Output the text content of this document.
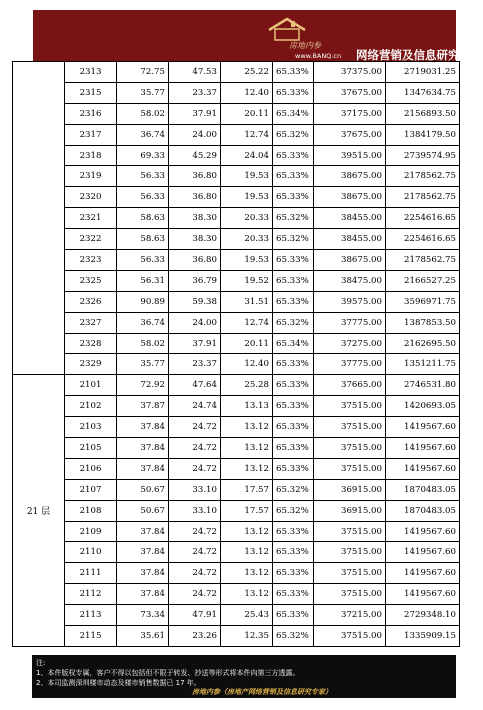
房地内参
www.BANQ.cn 网络营销及信息研究专家
	2313	72.75	47.53	25.22	65.33%	37375.00	2719031.25
	2315	35.77	23.37	12.40	65.33%	37675.00	1347634.75
	2316	58.02	37.91	20.11	65.34%	37175.00	2156893.50
	2317	36.74	24.00	12.74	65.32%	37675.00	1384179.50
	2318	69.33	45.29	24.04	65.33%	39515.00	2739574.95
	2319	56.33	36.80	19.53	65.33%	38675.00	2178562.75
	2320	56.33	36.80	19.53	65.33%	38675.00	2178562.75
	2321	58.63	38.30	20.33	65.32%	38455.00	2254616.65
	2322	58.63	38.30	20.33	65.32%	38455.00	2254616.65
	2323	56.33	36.80	19.53	65.33%	38675.00	2178562.75
	2325	56.31	36.79	19.52	65.33%	38475.00	2166527.25
	2326	90.89	59.38	31.51	65.33%	39575.00	3596971.75
	2327	36.74	24.00	12.74	65.32%	37775.00	1387853.50
	2328	58.02	37.91	20.11	65.34%	37275.00	2162695.50
	2329	35.77	23.37	12.40	65.33%	37775.00	1351211.75
21 层	2101	72.92	47.64	25.28	65.33%	37665.00	2746531.80
	2102	37.87	24.74	13.13	65.33%	37515.00	1420693.05
	2103	37.84	24.72	13.12	65.33%	37515.00	1419567.60
	2105	37.84	24.72	13.12	65.33%	37515.00	1419567.60
	2106	37.84	24.72	13.12	65.33%	37515.00	1419567.60
	2107	50.67	33.10	17.57	65.32%	36915.00	1870483.05
	2108	50.67	33.10	17.57	65.32%	36915.00	1870483.05
	2109	37.84	24.72	13.12	65.33%	37515.00	1419567.60
	2110	37.84	24.72	13.12	65.33%	37515.00	1419567.60
	2111	37.84	24.72	13.12	65.33%	37515.00	1419567.60
	2112	37.84	24.72	13.12	65.33%	37515.00	1419567.60
	2113	73.34	47.91	25.43	65.33%	37215.00	2729348.10
	2115	35.61	23.26	12.35	65.32%	37515.00	1335909.15
注:
1、本件版权专属，客户不得以包括但不限于转发、抄送等形式将本件向第三方透露。
2、本司监测深圳楼市动态及楼市销售数据已 17 年。
房地内参（房地产网络营销及信息研究专家）
